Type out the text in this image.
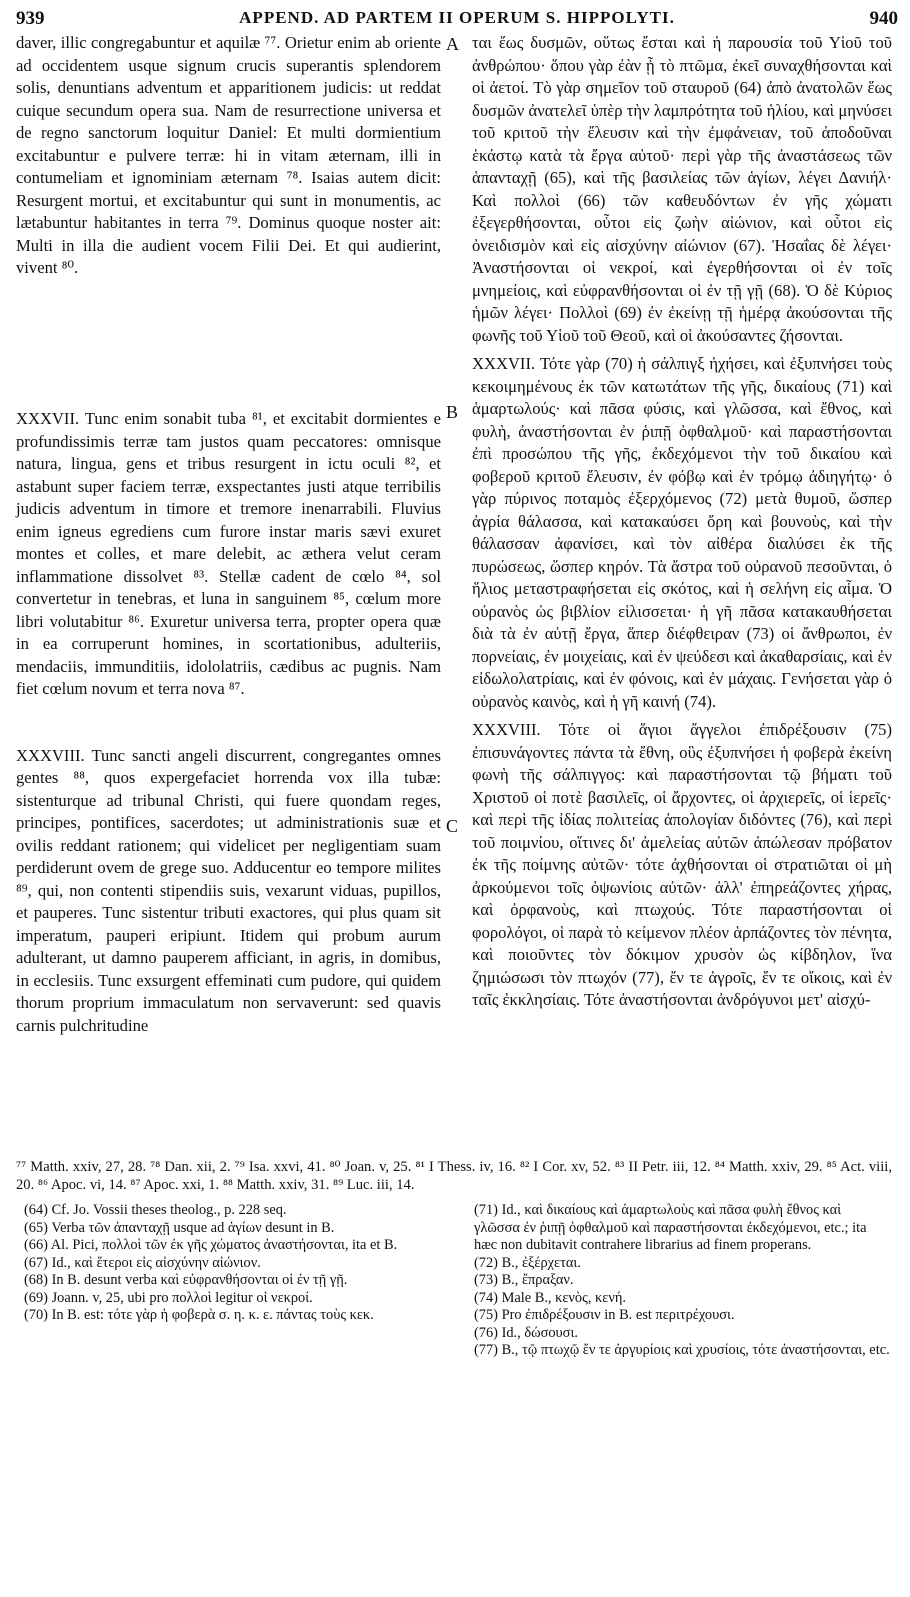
939	APPEND. AD PARTEM II OPERUM S. HIPPOLYTI.	940

daver, illic congregabuntur et aquilæ ⁷⁷. Orietur enim ab oriente ad occidentem usque signum crucis superantis splendorem solis, denuntians adventum et apparitionem judicis: ut reddat cuique secundum opera sua. Nam de resurrectione universa et de regno sanctorum loquitur Daniel: Et multi dormientium excitabuntur e pulvere terræ: hi in vitam æternam, illi in contumeliam et ignominiam æternam ⁷⁸. Isaias autem dicit: Resurgent mortui, et excitabuntur qui sunt in monumentis, ac lætabuntur habitantes in terra ⁷⁹. Dominus quoque noster ait: Multi in illa die audient vocem Filii Dei. Et qui audierint, vivent ⁸⁰.

XXXVII. Tunc enim sonabit tuba ⁸¹, et excitabit dormientes e profundissimis terræ tam justos quam peccatores: omnisque natura, lingua, gens et tribus resurgent in ictu oculi ⁸², et astabunt super faciem terræ, exspectantes justi atque terribilis judicis adventum in timore et tremore inenarrabili. Fluvius enim igneus egrediens cum furore instar maris sævi exuret montes et colles, et mare delebit, ac æthera velut ceram inflammatione dissolvet ⁸³. Stellæ cadent de cœlo ⁸⁴, sol convertetur in tenebras, et luna in sanguinem ⁸⁵, cœlum more libri volutabitur ⁸⁶. Exuretur universa terra, propter opera quæ in ea corruperunt homines, in scortationibus, adulteriis, mendaciis, immunditiis, idololatriis, cædibus ac pugnis. Nam fiet cœlum novum et terra nova ⁸⁷.

XXXVIII. Tunc sancti angeli discurrent, congregantes omnes gentes ⁸⁸, quos expergefaciet horrenda vox illa tubæ: sistenturque ad tribunal Christi, qui fuere quondam reges, principes, pontifices, sacerdotes; ut administrationis suæ et ovilis reddant rationem; qui videlicet per negligentiam suam perdiderunt ovem de grege suo. Adducentur eo tempore milites ⁸⁹, qui, non contenti stipendiis suis, vexarunt viduas, pupillos, et pauperes. Tunc sistentur tributi exactores, qui plus quam sit imperatum, pauperi eripiunt. Itidem qui probum aurum adulterant, ut damno pauperem afficiant, in agris, in domibus, in ecclesiis. Tunc exsurgent effeminati cum pudore, qui quidem thorum proprium immaculatum non servaverunt: sed quavis carnis pulchritudine

A
B
C

ται ἕως δυσμῶν, οὕτως ἔσται καὶ ἡ παρουσία τοῦ Υἱοῦ τοῦ ἀνθρώπου· ὅπου γὰρ ἐὰν ᾖ τὸ πτῶμα, ἐκεῖ συναχθήσονται καὶ οἱ ἀετοί. Τὸ γὰρ σημεῖον τοῦ σταυροῦ (64) ἀπὸ ἀνατολῶν ἕως δυσμῶν ἀνατελεῖ ὑπὲρ τὴν λαμπρότητα τοῦ ἡλίου, καὶ μηνύσει τοῦ κριτοῦ τὴν ἔλευσιν καὶ τὴν ἐμφάνειαν, τοῦ ἀποδοῦναι ἑκάστῳ κατὰ τὰ ἔργα αὐτοῦ· περὶ γὰρ τῆς ἀναστάσεως τῶν ἁπανταχῇ (65), καὶ τῆς βασιλείας τῶν ἁγίων, λέγει Δανιήλ· Καὶ πολλοὶ (66) τῶν καθευδόντων ἐν γῆς χώματι ἐξεγερθήσονται, οὗτοι εἰς ζωὴν αἰώνιον, καὶ οὗτοι εἰς ὀνειδισμὸν καὶ εἰς αἰσχύνην αἰώνιον (67). Ἡσαΐας δὲ λέγει· Ἀναστήσονται οἱ νεκροί, καὶ ἐγερθήσονται οἱ ἐν τοῖς μνημείοις, καὶ εὐφρανθήσονται οἱ ἐν τῇ γῇ (68). Ὁ δὲ Κύριος ἡμῶν λέγει· Πολλοὶ (69) ἐν ἐκείνῃ τῇ ἡμέρᾳ ἀκούσονται τῆς φωνῆς τοῦ Υἱοῦ τοῦ Θεοῦ, καὶ οἱ ἀκούσαντες ζήσονται.

XXXVII. Τότε γὰρ (70) ἡ σάλπιγξ ἠχήσει, καὶ ἐξυπνήσει τοὺς κεκοιμημένους ἐκ τῶν κατωτάτων τῆς γῆς, δικαίους (71) καὶ ἁμαρτωλούς· καὶ πᾶσα φύσις, καὶ γλῶσσα, καὶ ἔθνος, καὶ φυλὴ, ἀναστήσονται ἐν ῥιπῇ ὀφθαλμοῦ· καὶ παραστήσονται ἐπὶ προσώπου τῆς γῆς, ἐκδεχόμενοι τὴν τοῦ δικαίου καὶ φοβεροῦ κριτοῦ ἔλευσιν, ἐν φόβῳ καὶ ἐν τρόμῳ ἀδιηγήτῳ· ὁ γὰρ πύρινος ποταμὸς ἐξερχόμενος (72) μετὰ θυμοῦ, ὥσπερ ἀγρία θάλασσα, καὶ κατακαύσει ὄρη καὶ βουνοὺς, καὶ τὴν θάλασσαν ἀφανίσει, καὶ τὸν αἰθέρα διαλύσει ἐκ τῆς πυρώσεως, ὥσπερ κηρόν. Τὰ ἄστρα τοῦ οὐρανοῦ πεσοῦνται, ὁ ἥλιος μεταστραφήσεται εἰς σκότος, καὶ ἡ σελήνη εἰς αἷμα. Ὁ οὐρανὸς ὡς βιβλίον εἱλισσεται· ἡ γῆ πᾶσα κατακαυθήσεται διὰ τὰ ἐν αὐτῇ ἔργα, ἅπερ διέφθειραν (73) οἱ ἄνθρωποι, ἐν πορνείαις, ἐν μοιχείαις, καὶ ἐν ψεύδεσι καὶ ἀκαθαρσίαις, καὶ ἐν εἰδωλολατρίαις, καὶ ἐν φόνοις, καὶ ἐν μάχαις. Γενήσεται γὰρ ὁ οὐρανὸς καινὸς, καὶ ἡ γῆ καινή (74).

XXXVIII. Τότε οἱ ἅγιοι ἄγγελοι ἐπιδρέξουσιν (75) ἐπισυνάγοντες πάντα τὰ ἔθνη, οὓς ἐξυπνήσει ἡ φοβερὰ ἐκείνη φωνὴ τῆς σάλπιγγος: καὶ παραστήσονται τῷ βήματι τοῦ Χριστοῦ οἱ ποτὲ βασιλεῖς, οἱ ἄρχοντες, οἱ ἀρχιερεῖς, οἱ ἱερεῖς· καὶ περὶ τῆς ἰδίας πολιτείας ἀπολογίαν διδόντες (76), καὶ περὶ τοῦ ποιμνίου, οἵτινες δι' ἀμελείας αὐτῶν ἀπώλεσαν πρόβατον ἐκ τῆς ποίμνης αὐτῶν· τότε ἀχθήσονται οἱ στρατιῶται οἱ μὴ ἀρκούμενοι τοῖς ὀψωνίοις αὐτῶν· ἀλλ' ἐπηρεάζοντες χήρας, καὶ ὀρφανοὺς, καὶ πτωχούς. Τότε παραστήσονται οἱ φορολόγοι, οἱ παρὰ τὸ κείμενον πλέον ἁρπάζοντες τὸν πένητα, καὶ ποιοῦντες τὸν δόκιμον χρυσὸν ὡς κίβδηλον, ἵνα ζημιώσωσι τὸν πτωχόν (77), ἔν τε ἀγροῖς, ἔν τε οἴκοις, καὶ ἐν ταῖς ἐκκλησίαις. Τότε ἀναστήσονται ἀνδρόγυνοι μετ' αἰσχύ-

⁷⁷ Matth. xxiv, 27, 28. ⁷⁸ Dan. xii, 2. ⁷⁹ Isa. xxvi, 41. ⁸⁰ Joan. v, 25. ⁸¹ I Thess. iv, 16. ⁸² I Cor. xv, 52. ⁸³ II Petr. iii, 12. ⁸⁴ Matth. xxiv, 29. ⁸⁵ Act. viii, 20. ⁸⁶ Apoc. vi, 14. ⁸⁷ Apoc. xxi, 1. ⁸⁸ Matth. xxiv, 31. ⁸⁹ Luc. iii, 14.
(64) Cf. Jo. Vossii theses theolog., p. 228 seq.
(65) Verba τῶν ἁπανταχῇ usque ad ἁγίων desunt in B.
(66) Al. Pici, πολλοὶ τῶν ἐκ γῆς χώματος ἀναστήσονται, ita et B.
(67) Id., καὶ ἕτεροι εἰς αἰσχύνην αἰώνιον.
(68) In B. desunt verba καὶ εὐφρανθήσονται οἱ ἐν τῇ γῇ.
(69) Joann. v, 25, ubi pro πολλοὶ legitur οἱ νεκροί.
(70) In B. est: τότε γὰρ ἡ φοβερὰ σ. η. κ. ε. πάντας τοὺς κεκ.
(71) Id., καὶ δικαίους καὶ ἁμαρτωλοὺς καὶ πᾶσα φυλὴ ἔθνος καὶ γλῶσσα ἐν ῥιπῇ ὀφθαλμοῦ καὶ παραστήσονται ἐκδεχόμενοι, etc.; ita hæc non dubitavit contrahere librarius ad finem properans.
(72) B., ἐξέρχεται.
(73) B., ἔπραξαν.
(74) Male B., κενὸς, κενή.
(75) Pro ἐπιδρέξουσιν in B. est περιτρέχουσι.
(76) Id., δώσουσι.
(77) B., τῷ πτωχῷ ἔν τε ἀργυρίοις καὶ χρυσίοις, τότε ἀναστήσονται, etc.
